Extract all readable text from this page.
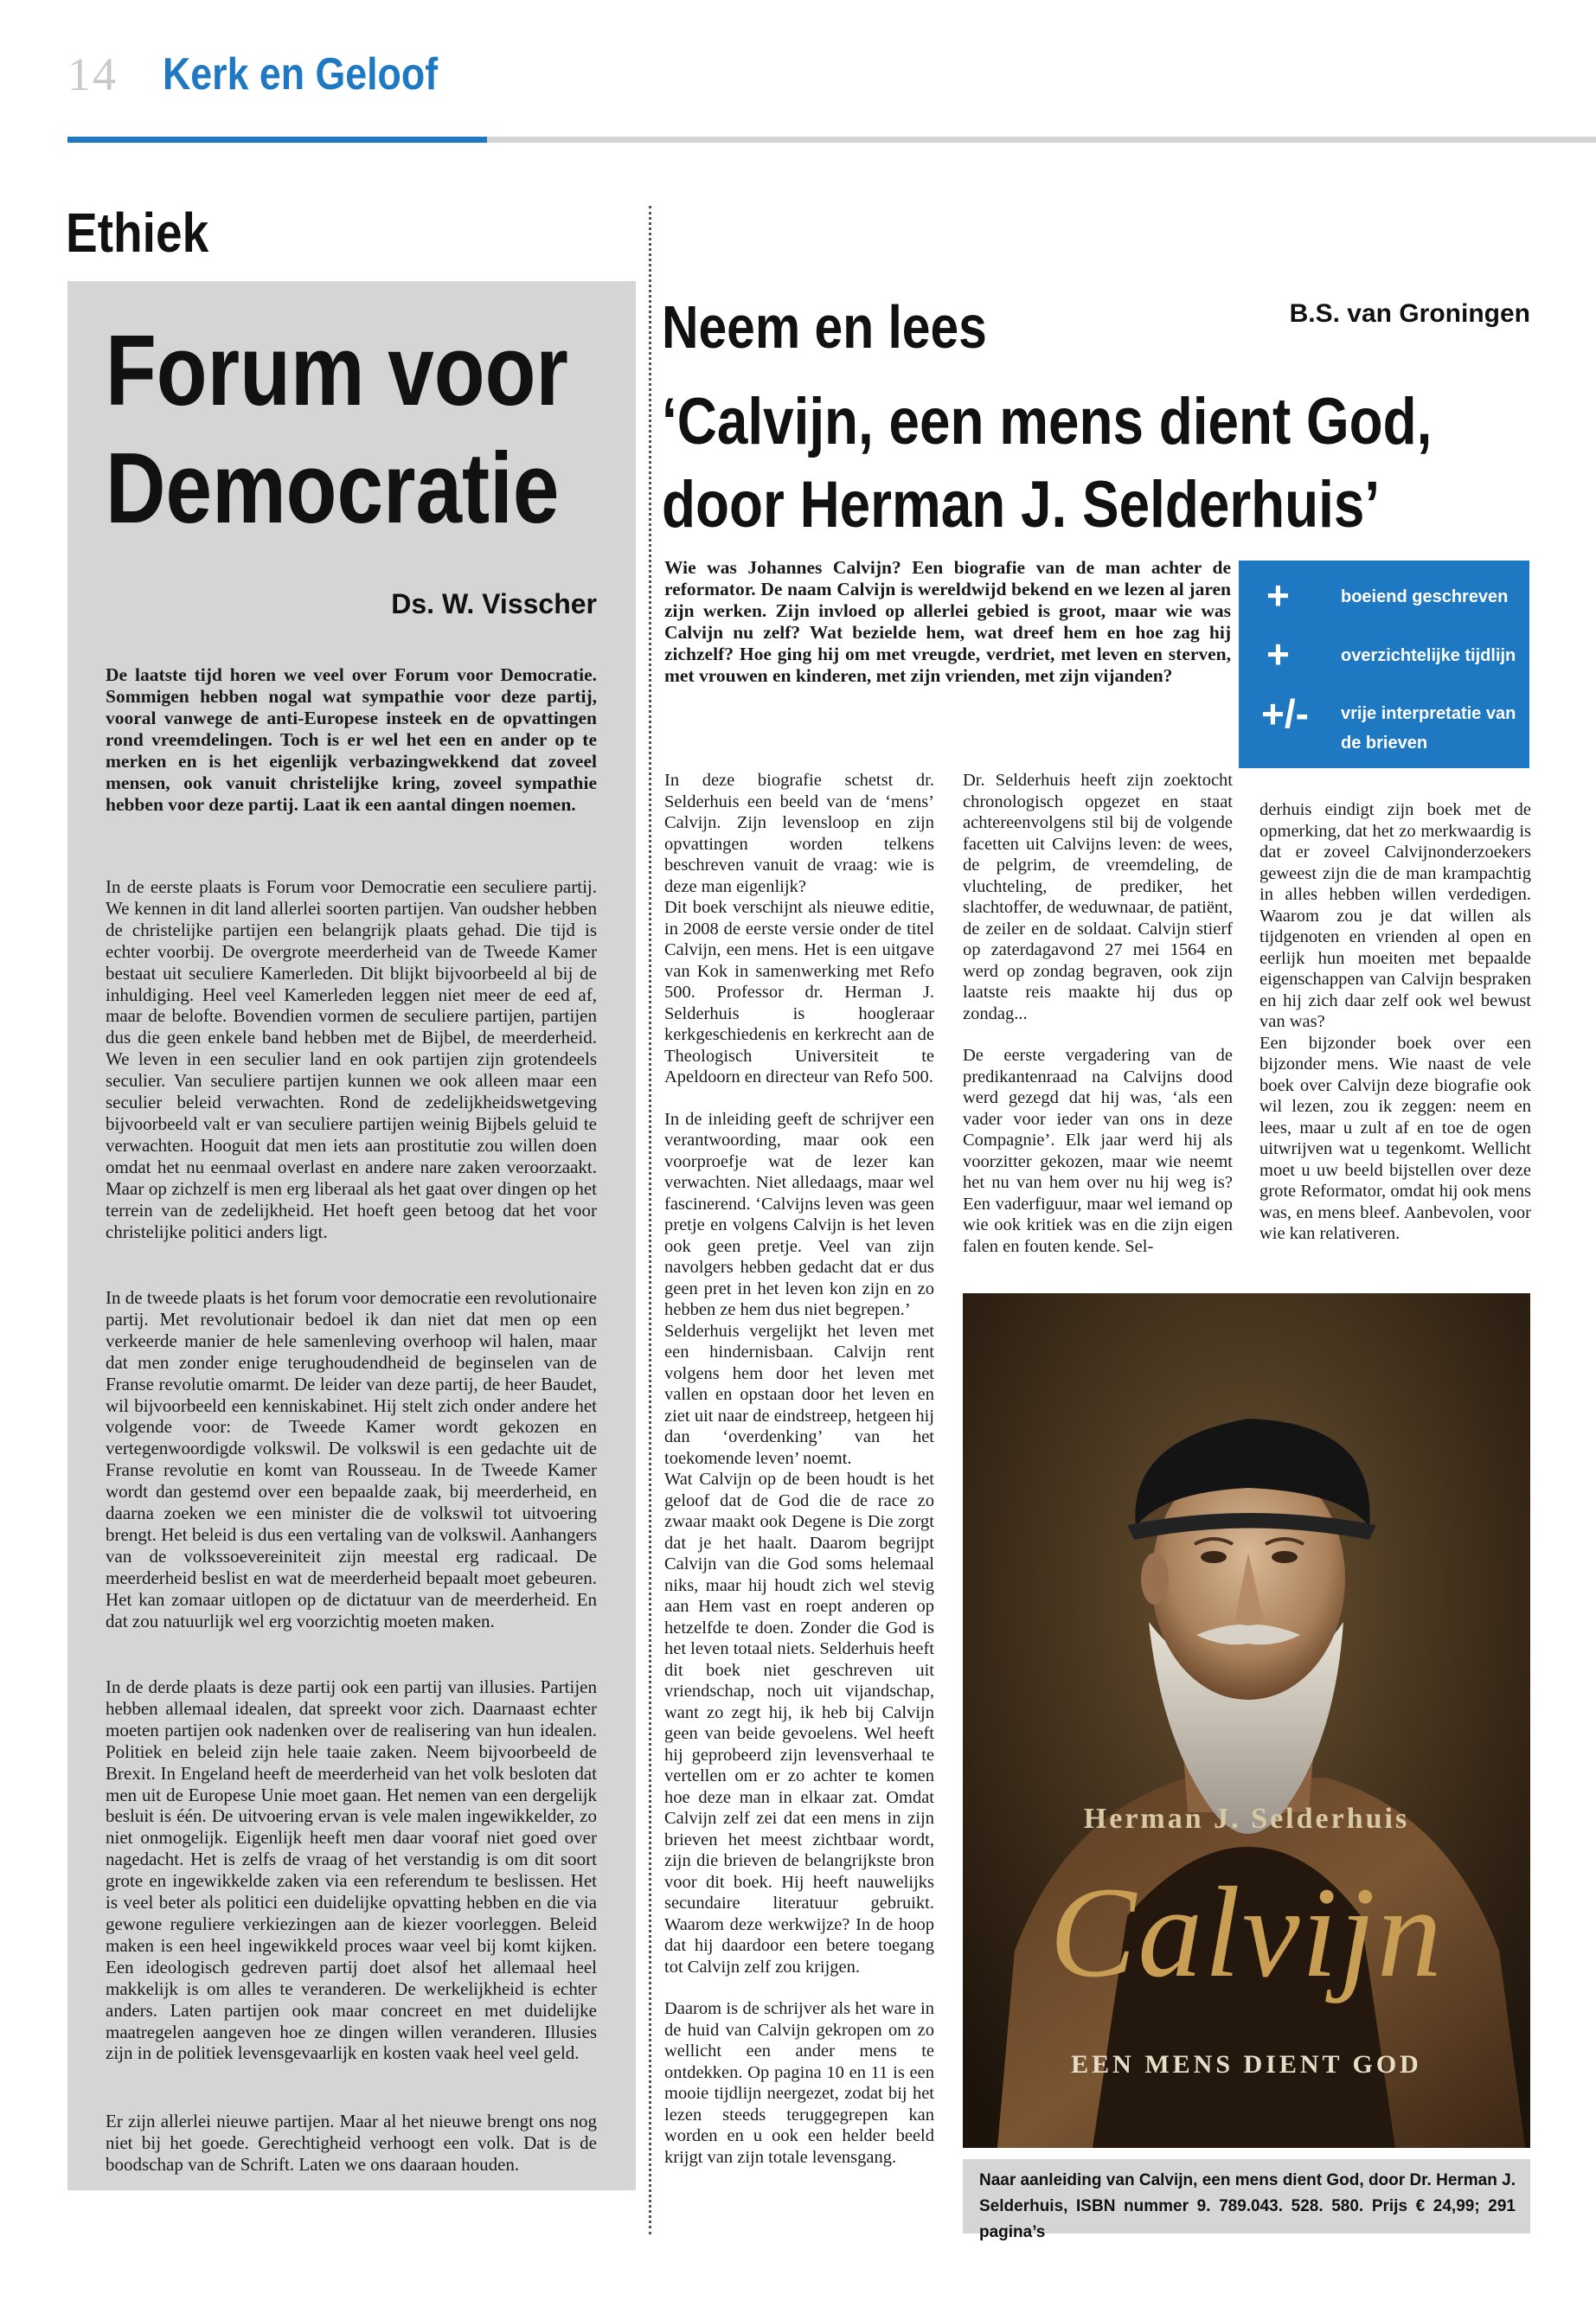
14 Kerk en Geloof
Ethiek
Forum voor Democratie
Ds. W. Visscher
De laatste tijd horen we veel over Forum voor Democratie. Sommigen hebben nogal wat sympathie voor deze partij, vooral vanwege de anti-Europese insteek en de opvattingen rond vreemdelingen. Toch is er wel het een en ander op te merken en is het eigenlijk verbazingwekkend dat zoveel mensen, ook vanuit christelijke kring, zoveel sympathie hebben voor deze partij. Laat ik een aantal dingen noemen.

In de eerste plaats is Forum voor Democratie een seculiere partij. We kennen in dit land allerlei soorten partijen. Van oudsher hebben de christelijke partijen een belangrijk plaats gehad. Die tijd is echter voorbij. De overgrote meerderheid van de Tweede Kamer bestaat uit seculiere Kamerleden. Dit blijkt bijvoorbeeld al bij de inhuldiging. Heel veel Kamerleden leggen niet meer de eed af, maar de belofte. Bovendien vormen de seculiere partijen, partijen dus die geen enkele band hebben met de Bijbel, de meerderheid. We leven in een seculier land en ook partijen zijn grotendeels seculier. Van seculiere partijen kunnen we ook alleen maar een seculier beleid verwachten. Rond de zedelijkheidswetgeving bijvoorbeeld valt er van seculiere partijen weinig Bijbels geluid te verwachten. Hooguit dat men iets aan prostitutie zou willen doen omdat het nu eenmaal overlast en andere nare zaken veroorzaakt. Maar op zichzelf is men erg liberaal als het gaat over dingen op het terrein van de zedelijkheid. Het hoeft geen betoog dat het voor christelijke politici anders ligt.

In de tweede plaats is het forum voor democratie een revolutionaire partij. Met revolutionair bedoel ik dan niet dat men op een verkeerde manier de hele samenleving overhoop wil halen, maar dat men zonder enige terughoudendheid de beginselen van de Franse revolutie omarmt. De leider van deze partij, de heer Baudet, wil bijvoorbeeld een kenniskabinet. Hij stelt zich onder andere het volgende voor: de Tweede Kamer wordt gekozen en vertegenwoordigde volkswil. De volkswil is een gedachte uit de Franse revolutie en komt van Rousseau. In de Tweede Kamer wordt dan gestemd over een bepaalde zaak, bij meerderheid, en daarna zoeken we een minister die de volkswil tot uitvoering brengt. Het beleid is dus een vertaling van de volkswil. Aanhangers van de volkssoevereiniteit zijn meestal erg radicaal. De meerderheid beslist en wat de meerderheid bepaalt moet gebeuren. Het kan zomaar uitlopen op de dictatuur van de meerderheid. En dat zou natuurlijk wel erg voorzichtig moeten maken.

In de derde plaats is deze partij ook een partij van illusies. Partijen hebben allemaal idealen, dat spreekt voor zich. Daarnaast echter moeten partijen ook nadenken over de realisering van hun idealen. Politiek en beleid zijn hele taaie zaken. Neem bijvoorbeeld de Brexit. In Engeland heeft de meerderheid van het volk besloten dat men uit de Europese Unie moet gaan. Het nemen van een dergelijk besluit is één. De uitvoering ervan is vele malen ingewikkelder, zo niet onmogelijk. Eigenlijk heeft men daar vooraf niet goed over nagedacht. Het is zelfs de vraag of het verstandig is om dit soort grote en ingewikkelde zaken via een referendum te beslissen. Het is veel beter als politici een duidelijke opvatting hebben en die via gewone reguliere verkiezingen aan de kiezer voorleggen. Beleid maken is een heel ingewikkeld proces waar veel bij komt kijken. Een ideologisch gedreven partij doet alsof het allemaal heel makkelijk is om alles te veranderen. De werkelijkheid is echter anders. Laten partijen ook maar concreet en met duidelijke maatregelen aangeven hoe ze dingen willen veranderen. Illusies zijn in de politiek levensgevaarlijk en kosten vaak heel veel geld.

Er zijn allerlei nieuwe partijen. Maar al het nieuwe brengt ons nog niet bij het goede. Gerechtigheid verhoogt een volk. Dat is de boodschap van de Schrift. Laten we ons daaraan houden.

Neem en lees	B.S. van Groningen
‘Calvijn, een mens dient God, door Herman J. Selderhuis’
Wie was Johannes Calvijn? Een biografie van de man achter de reformator. De naam Calvijn is wereldwijd bekend en we lezen al jaren zijn werken. Zijn invloed op allerlei gebied is groot, maar wie was Calvijn nu zelf? Wat bezielde hem, wat dreef hem en hoe zag hij zichzelf? Hoe ging hij om met vreugde, verdriet, met leven en sterven, met vrouwen en kinderen, met zijn vrienden, met zijn vijanden?
+	boeiend geschreven
+	overzichtelijke tijdlijn
+/- vrije interpretatie van de brieven

In deze biografie schetst dr. Selderhuis een beeld van de ‘mens’ Calvijn. Zijn levensloop en zijn opvattingen worden telkens beschreven vanuit de vraag: wie is deze man eigenlijk?

Dit boek verschijnt als nieuwe editie, in 2008 de eerste versie onder de titel Calvijn, een mens. Het is een uitgave van Kok in samenwerking met Refo 500. Professor dr. Herman J. Selderhuis is hoogleraar kerkgeschiedenis en kerkrecht aan de Theologisch Universiteit te Apeldoorn en directeur van Refo 500.

In de inleiding geeft de schrijver een verantwoording, maar ook een voorproefje wat de lezer kan verwachten. Niet alledaags, maar wel fascinerend. ‘Calvijns leven was geen pretje en volgens Calvijn is het leven ook geen pretje. Veel van zijn navolgers hebben gedacht dat er dus geen pret in het leven kon zijn en zo hebben ze hem dus niet begrepen.’

Selderhuis vergelijkt het leven met een hindernisbaan. Calvijn rent volgens hem door het leven met vallen en opstaan door het leven en ziet uit naar de eindstreep, hetgeen hij dan ‘overdenking’ van het toekomende leven’ noemt.

Wat Calvijn op de been houdt is het geloof dat de God die de race zo zwaar maakt ook Degene is Die zorgt dat je het haalt. Daarom begrijpt Calvijn van die God soms helemaal niks, maar hij houdt zich wel stevig aan Hem vast en roept anderen op hetzelfde te doen. Zonder die God is het leven totaal niets. Selderhuis heeft dit boek niet geschreven uit vriendschap, noch uit vijandschap, want zo zegt hij, ik heb bij Calvijn geen van beide gevoelens. Wel heeft hij geprobeerd zijn levensverhaal te vertellen om er zo achter te komen hoe deze man in elkaar zat. Omdat Calvijn zelf zei dat een mens in zijn brieven het meest zichtbaar wordt, zijn die brieven de belangrijkste bron voor dit boek. Hij heeft nauwelijks secundaire literatuur gebruikt. Waarom deze werkwijze? In de hoop dat hij daardoor een betere toegang tot Calvijn zelf zou krijgen.

Daarom is de schrijver als het ware in de huid van Calvijn gekropen om zo wellicht een ander mens te ontdekken. Op pagina 10 en 11 is een mooie tijdlijn neergezet, zodat bij het lezen steeds teruggegrepen kan worden en u ook een helder beeld krijgt van zijn totale levensgang.

Dr. Selderhuis heeft zijn zoektocht chronologisch opgezet en staat achtereenvolgens stil bij de volgende facetten uit Calvijns leven: de wees, de pelgrim, de vreemdeling, de vluchteling, de prediker, het slachtoffer, de weduwnaar, de patiënt, de zeiler en de soldaat. Calvijn stierf op zaterdagavond 27 mei 1564 en werd op zondag begraven, ook zijn laatste reis maakte hij dus op zondag...

De eerste vergadering van de predikantenraad na Calvijns dood werd gezegd dat hij was, ‘als een vader voor ieder van ons in deze Compagnie’. Elk jaar werd hij als voorzitter gekozen, maar wie neemt het nu van hem over nu hij weg is? Een vaderfiguur, maar wel iemand op wie ook kritiek was en die zijn eigen falen en fouten kende. Sel-

derhuis eindigt zijn boek met de opmerking, dat het zo merkwaardig is dat er zoveel Calvijnonderzoekers geweest zijn die de man krampachtig in alles hebben willen verdedigen. Waarom zou je dat willen als tijdgenoten en vrienden al open en eerlijk hun moeiten met bepaalde eigenschappen van Calvijn bespraken en hij zich daar zelf ook wel bewust van was?

Een bijzonder boek over een bijzonder mens. Wie naast de vele boek over Calvijn deze biografie ook wil lezen, zou ik zeggen: neem en lees, maar u zult af en toe de ogen uitwrijven wat u tegenkomt. Wellicht moet u uw beeld bijstellen over deze grote Reformator, omdat hij ook mens was, en mens bleef. Aanbevolen, voor wie kan relativeren.

Herman J. Selderhuis
Calvijn
EEN MENS DIENT GOD
Naar aanleiding van Calvijn, een mens dient God, door Dr. Herman J. Selderhuis, ISBN nummer 9. 789.043. 528. 580. Prijs € 24,99; 291 pagina’s
